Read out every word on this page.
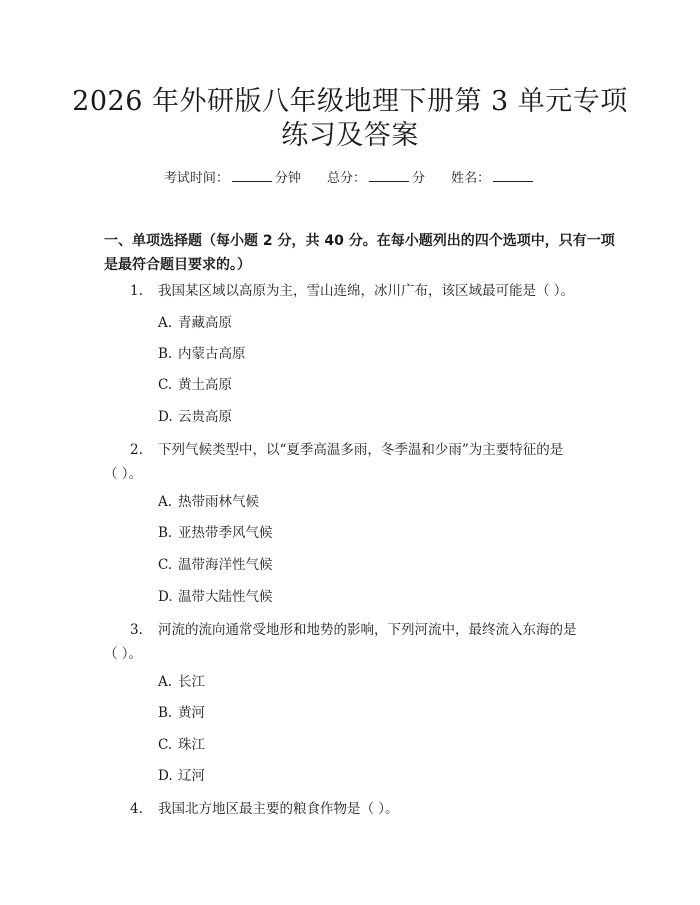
2026 年外研版八年级地理下册第 3 单元专项
练习及答案
考试时间：	分钟 总分：	分 姓名：
一、单项选择题（每小题 2 分，共 40 分。在每小题列出的四个选项中，只有一项
是最符合题目要求的。）
1.	我国某区域以高原为主，雪山连绵，冰川广布，该区域最可能是（ ）。
A. 青藏高原
B. 内蒙古高原
C. 黄土高原
D. 云贵高原
2.	下列气候类型中，以“夏季高温多雨，冬季温和少雨”为主要特征的是
（ ）。
A. 热带雨林气候
B. 亚热带季风气候
C. 温带海洋性气候
D. 温带大陆性气候
3.	河流的流向通常受地形和地势的影响，下列河流中，最终流入东海的是
（ ）。
A. 长江
B. 黄河
C. 珠江
D. 辽河
4.	我国北方地区最主要的粮食作物是（ ）。
